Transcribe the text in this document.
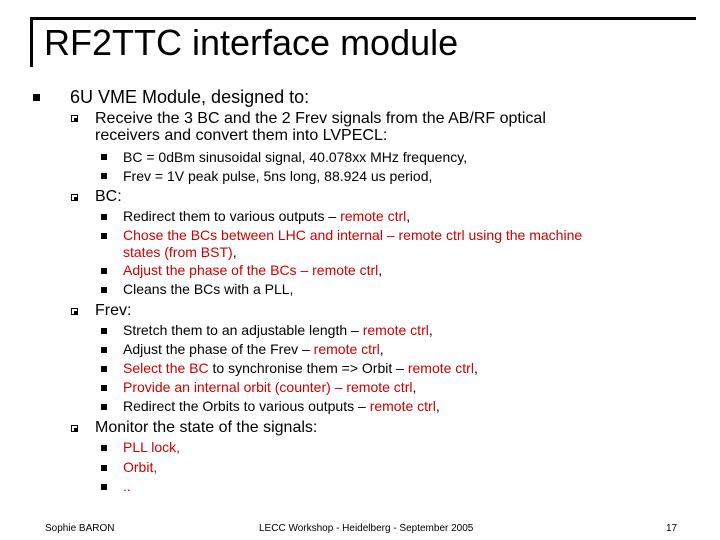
RF2TTC interface module
6U VME Module, designed to:
Receive the 3 BC and the 2 Frev signals from the AB/RF optical
receivers and convert them into LVPECL:
BC = 0dBm sinusoidal signal, 40.078xx MHz frequency,
Frev = 1V peak pulse, 5ns long, 88.924 us period,
BC:
Redirect them to various outputs – remote ctrl,
Chose the BCs between LHC and internal – remote ctrl using the machine
states (from BST),
Adjust the phase of the BCs – remote ctrl,
Cleans the BCs with a PLL,
Frev:
Stretch them to an adjustable length – remote ctrl,
Adjust the phase of the Frev – remote ctrl,
Select the BC to synchronise them => Orbit – remote ctrl,
Provide an internal orbit (counter) – remote ctrl,
Redirect the Orbits to various outputs – remote ctrl,
Monitor the state of the signals:
PLL lock,
Orbit,
..
Sophie BARON	LECC Workshop - Heidelberg - September 2005	17
